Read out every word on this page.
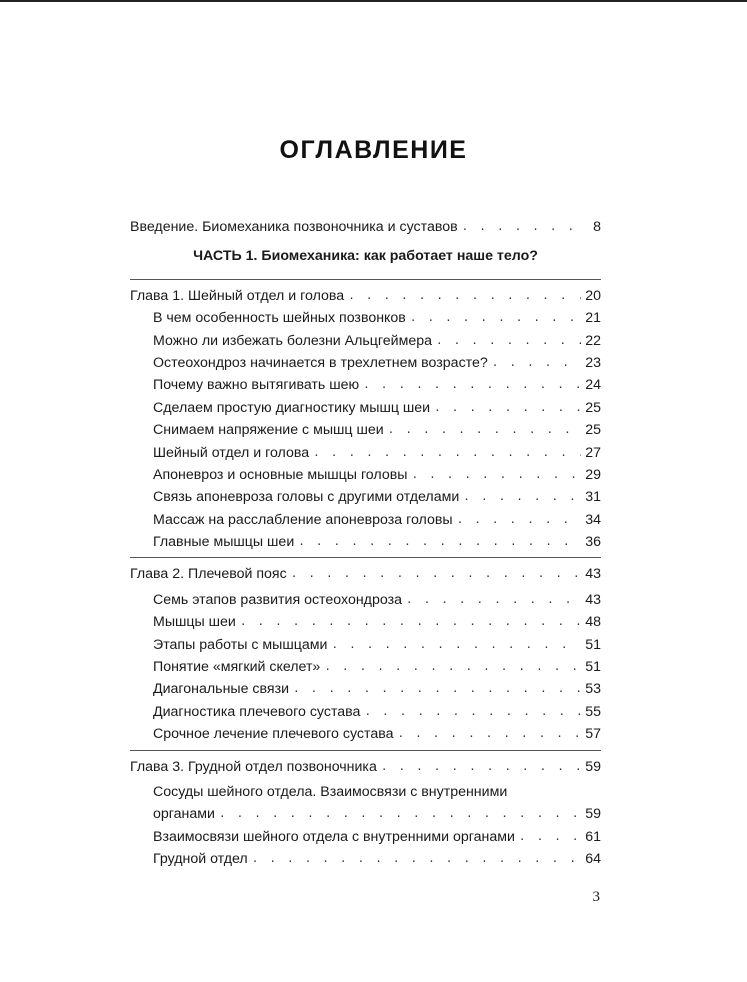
ОГЛАВЛЕНИЕ
Введение. Биомеханика позвоночника и суставов . . .	8
ЧАСТЬ 1. Биомеханика: как работает наше тело?
Глава 1. Шейный отдел и голова . . .	20
В чем особенность шейных позвонков . . .	21
Можно ли избежать болезни Альцгеймера . . .	22
Остеохондроз начинается в трехлетнем возрасте? . . .	23
Почему важно вытягивать шею . . .	24
Сделаем простую диагностику мышц шеи . . .	25
Снимаем напряжение с мышц шеи . . .	25
Шейный отдел и голова . . .	27
Апоневроз и основные мышцы головы . . .	29
Связь апоневроза головы с другими отделами . . .	31
Массаж на расслабление апоневроза головы . . .	34
Главные мышцы шеи . . .	36
Глава 2. Плечевой пояс . . .	43
Семь этапов развития остеохондроза . . .	43
Мышцы шеи . . .	48
Этапы работы с мышцами . . .	51
Понятие «мягкий скелет» . . .	51
Диагональные связи . . .	53
Диагностика плечевого сустава . . .	55
Срочное лечение плечевого сустава . . .	57
Глава 3. Грудной отдел позвоночника . . .	59
Сосуды шейного отдела. Взаимосвязи с внутренними
органами . . .	59
Взаимосвязи шейного отдела с внутренними органами . . .	61
Грудной отдел . . .	64
3
